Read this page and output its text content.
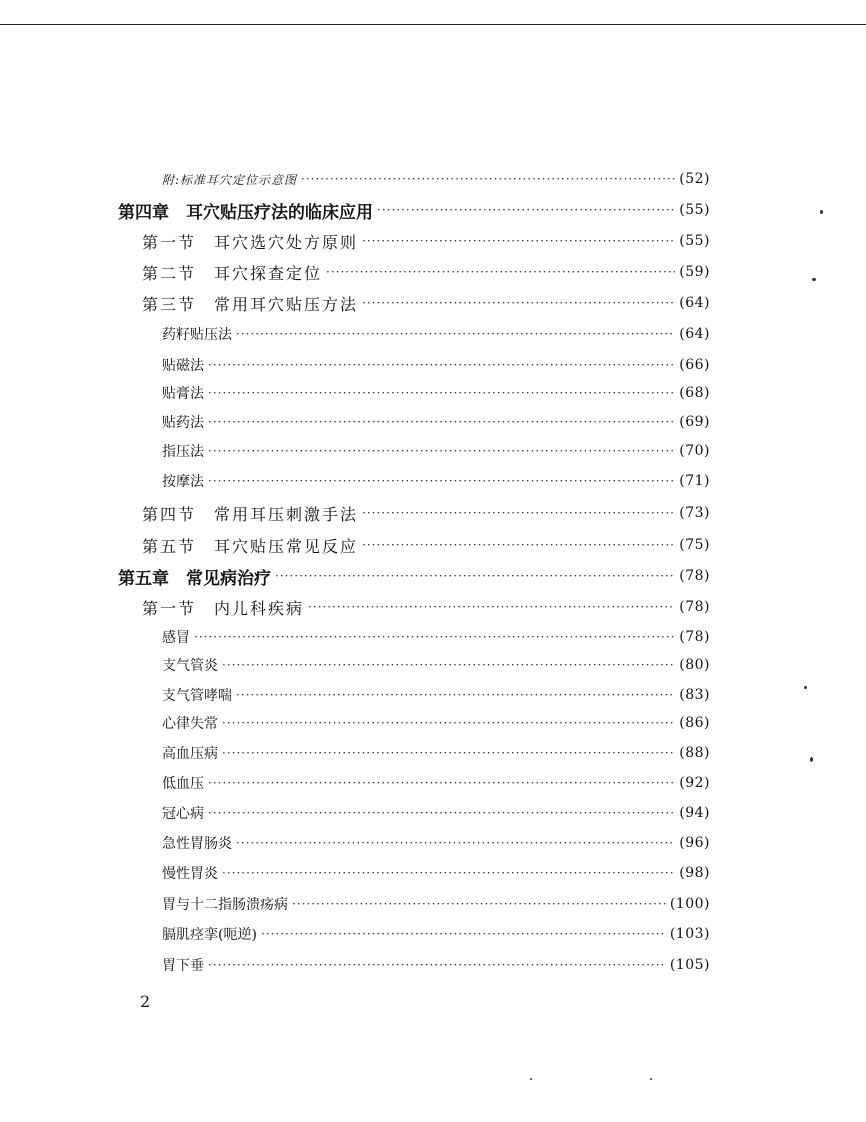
附:标准耳穴定位示意图 ·····	(52)
第四章　耳穴贴压疗法的临床应用 ·····	(55)
第一节　耳穴选穴处方原则 ·····	(55)
第二节　耳穴探查定位 ·····	(59)
第三节　常用耳穴贴压方法 ·····	(64)
药籽贴压法 ·····	(64)
贴磁法 ·····	(66)
贴膏法 ·····	(68)
贴药法 ·····	(69)
指压法 ·····	(70)
按摩法 ·····	(71)
第四节　常用耳压刺激手法 ·····	(73)
第五节　耳穴贴压常见反应 ·····	(75)
第五章　常见病治疗 ·····	(78)
第一节　内儿科疾病 ·····	(78)
感冒 ·····	(78)
支气管炎 ·····	(80)
支气管哮喘 ·····	(83)
心律失常 ·····	(86)
高血压病 ·····	(88)
低血压 ·····	(92)
冠心病 ·····	(94)
急性胃肠炎 ·····	(96)
慢性胃炎 ·····	(98)
胃与十二指肠溃疡病 ·····	(100)
膈肌痉挛(呃逆) ·····	(103)
胃下垂 ·····	(105)
2
